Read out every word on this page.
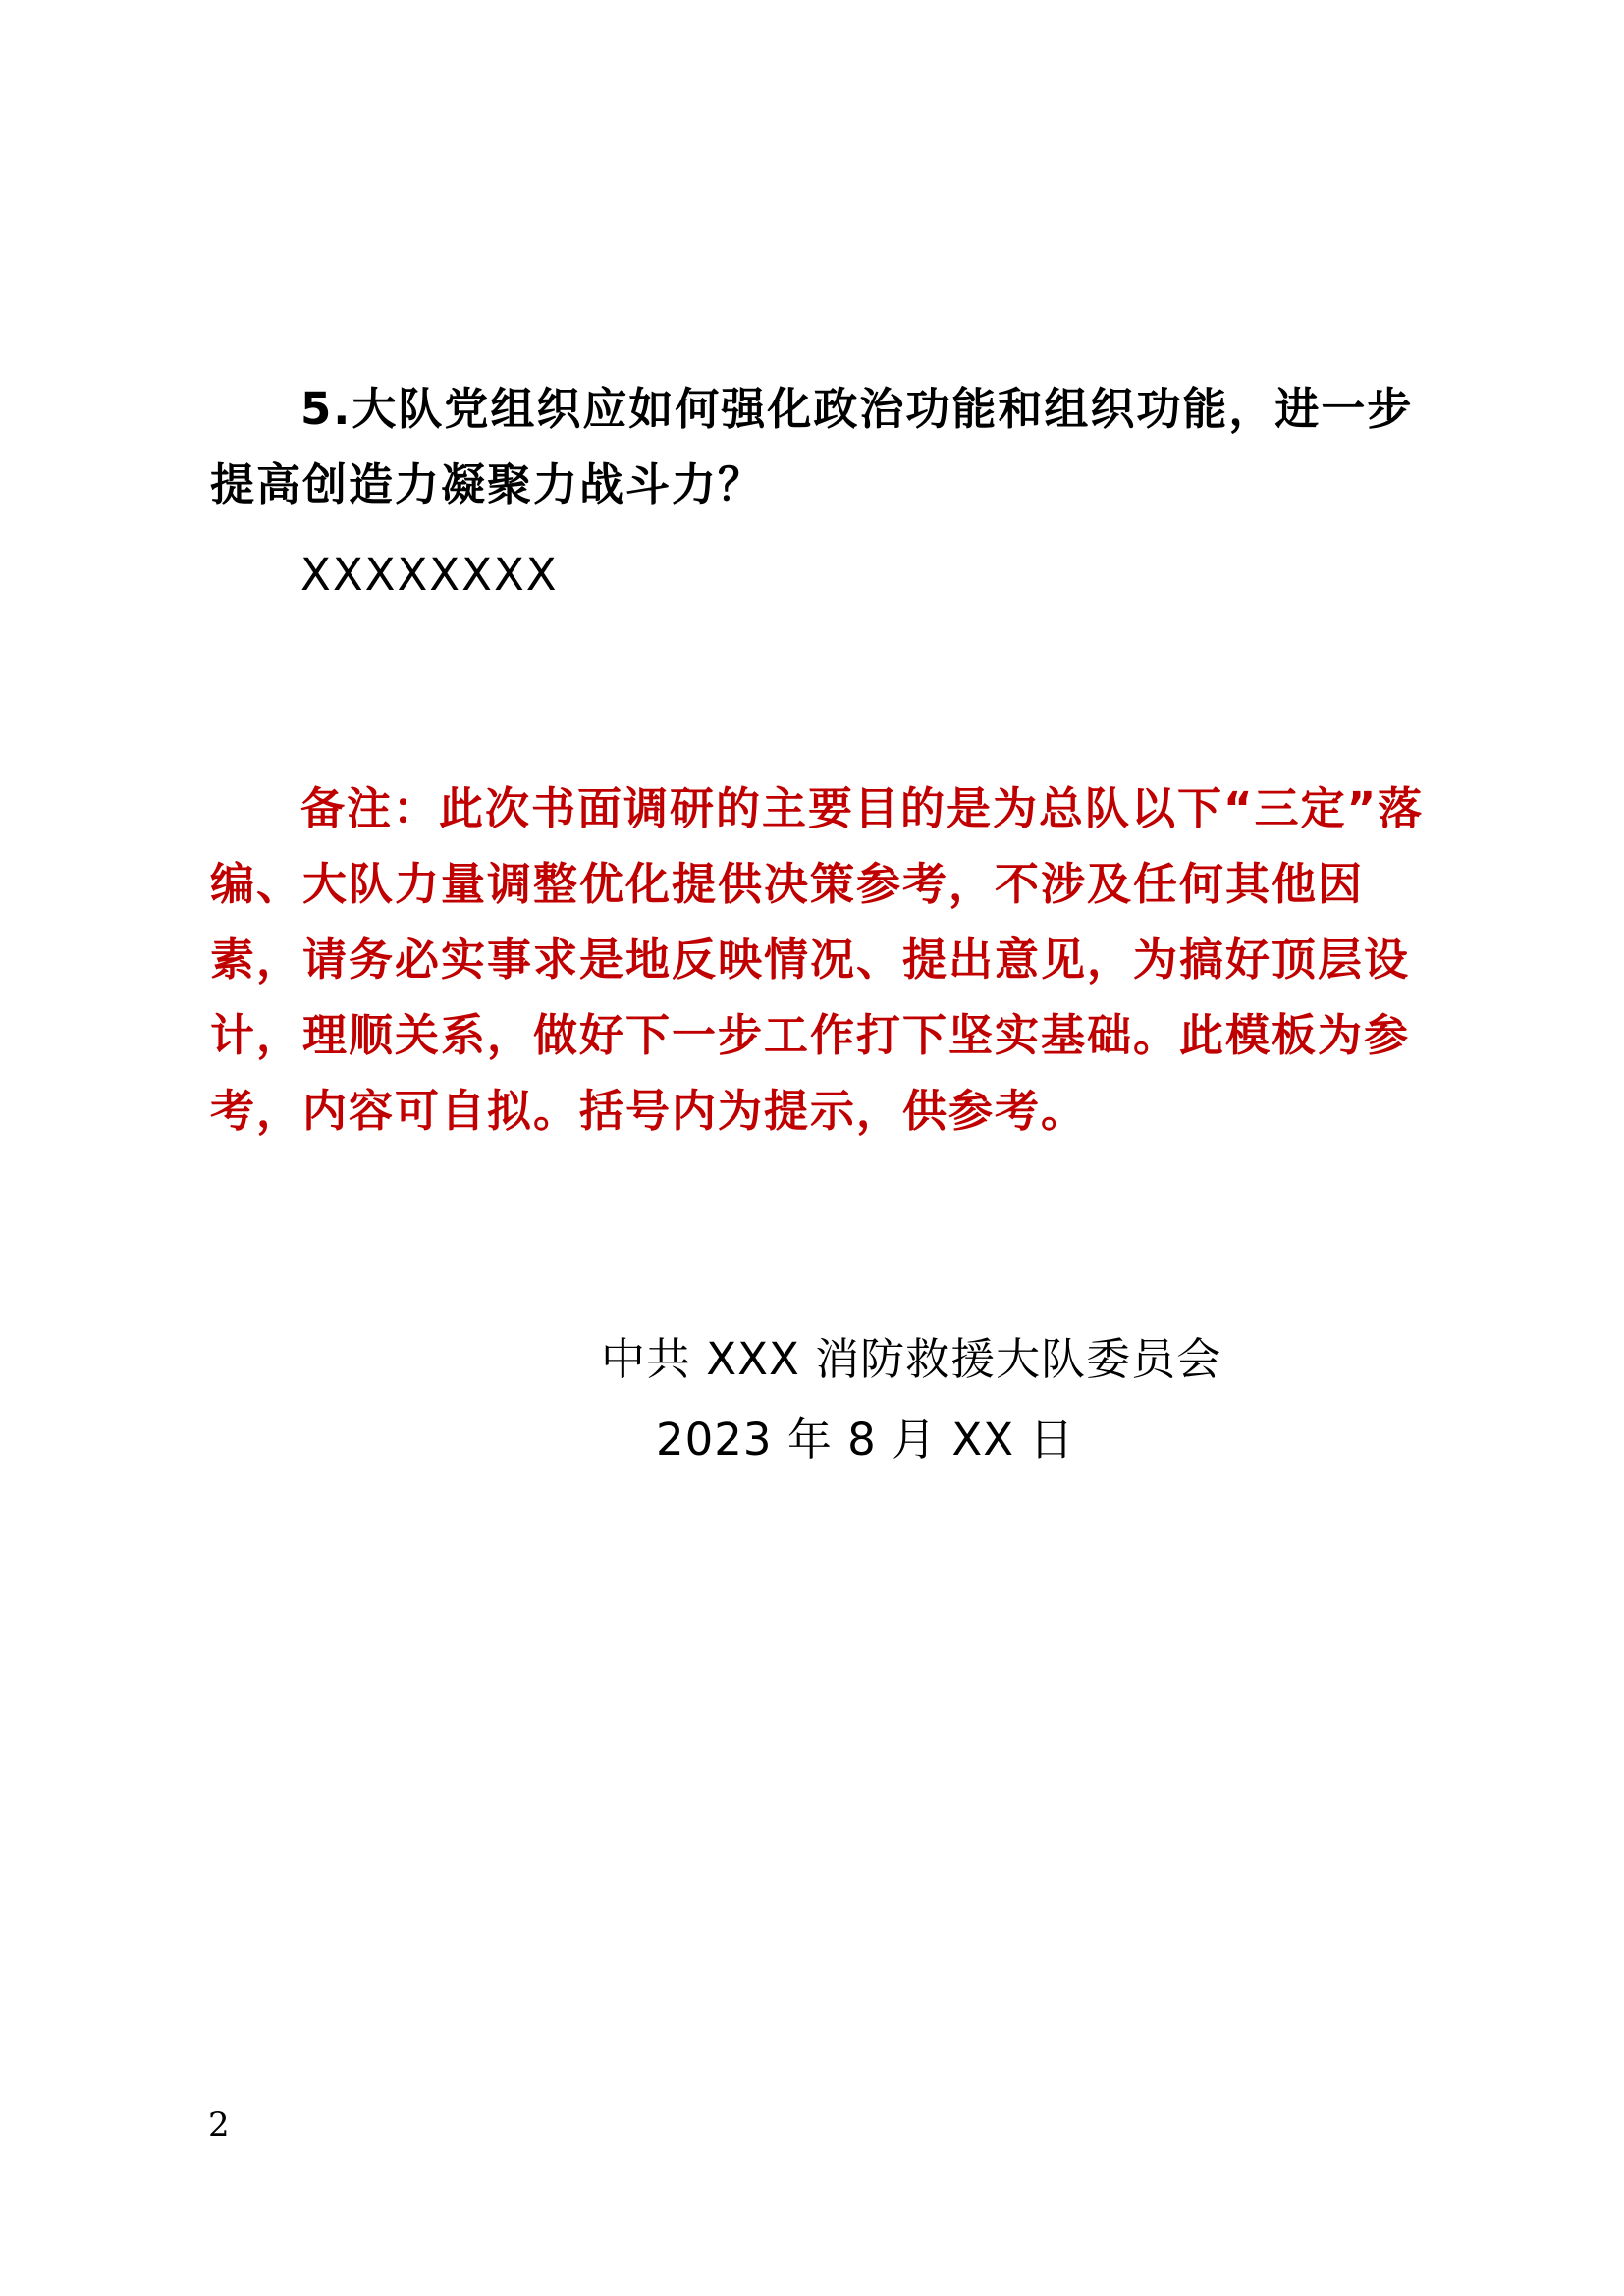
5.大队党组织应如何强化政治功能和组织功能，进一步提高创造力凝聚力战斗力？

XXXXXXXX

备注：此次书面调研的主要目的是为总队以下“三定”落编、大队力量调整优化提供决策参考，不涉及任何其他因素，请务必实事求是地反映情况、提出意见，为搞好顶层设计，理顺关系，做好下一步工作打下坚实基础。此模板为参考，内容可自拟。括号内为提示，供参考。

中共 XXX 消防救援大队委员会
2023 年 8 月 XX 日
2
